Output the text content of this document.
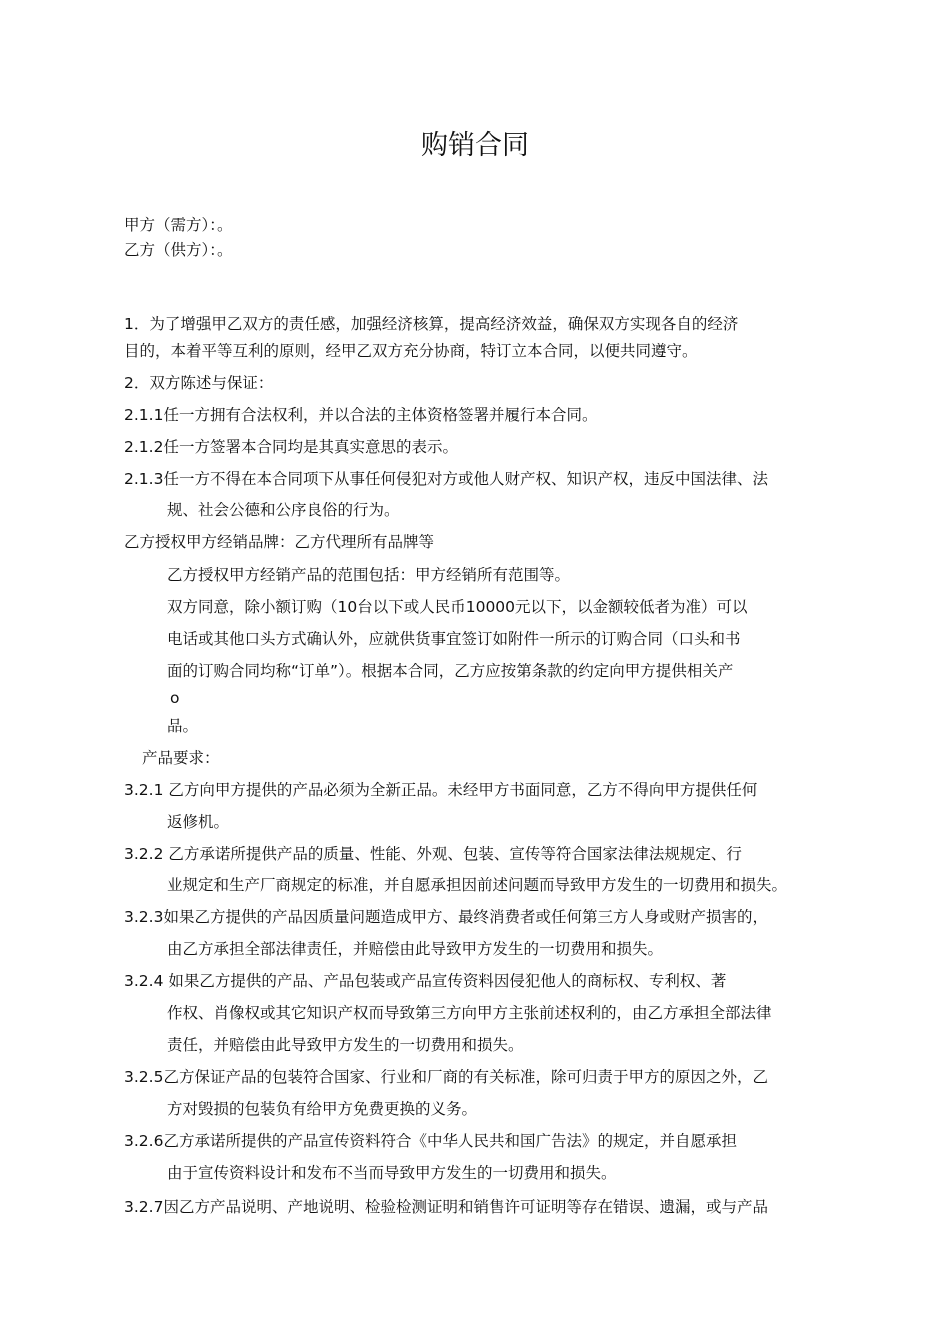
购销合同
甲方（需方）：。
乙方（供方）：。
1．为了增强甲乙双方的责任感，加强经济核算，提高经济效益，确保双方实现各自的经济
目的，本着平等互利的原则，经甲乙双方充分协商，特订立本合同，以便共同遵守。
2．双方陈述与保证：
2.1.1任一方拥有合法权利，并以合法的主体资格签署并履行本合同。
2.1.2任一方签署本合同均是其真实意思的表示。
2.1.3任一方不得在本合同项下从事任何侵犯对方或他人财产权、知识产权，违反中国法律、法
规、社会公德和公序良俗的行为。
乙方授权甲方经销品牌：乙方代理所有品牌等
乙方授权甲方经销产品的范围包括：甲方经销所有范围等。
双方同意，除小额订购（10台以下或人民币10000元以下，以金额较低者为准）可以
电话或其他口头方式确认外，应就供货事宜签订如附件一所示的订购合同（口头和书
面的订购合同均称“订单”）。根据本合同，乙方应按第条款的约定向甲方提供相关产
o
品。
产品要求：
3.2.1 乙方向甲方提供的产品必须为全新正品。未经甲方书面同意，乙方不得向甲方提供任何
返修机。
3.2.2 乙方承诺所提供产品的质量、性能、外观、包装、宣传等符合国家法律法规规定、行
业规定和生产厂商规定的标准，并自愿承担因前述问题而导致甲方发生的一切费用和损失。
3.2.3如果乙方提供的产品因质量问题造成甲方、最终消费者或任何第三方人身或财产损害的，
由乙方承担全部法律责任，并赔偿由此导致甲方发生的一切费用和损失。
3.2.4 如果乙方提供的产品、产品包装或产品宣传资料因侵犯他人的商标权、专利权、著
作权、肖像权或其它知识产权而导致第三方向甲方主张前述权利的，由乙方承担全部法律
责任，并赔偿由此导致甲方发生的一切费用和损失。
3.2.5乙方保证产品的包装符合国家、行业和厂商的有关标准，除可归责于甲方的原因之外，乙
方对毁损的包装负有给甲方免费更换的义务。
3.2.6乙方承诺所提供的产品宣传资料符合《中华人民共和国广告法》的规定，并自愿承担
由于宣传资料设计和发布不当而导致甲方发生的一切费用和损失。
3.2.7因乙方产品说明、产地说明、检验检测证明和销售许可证明等存在错误、遗漏，或与产品
